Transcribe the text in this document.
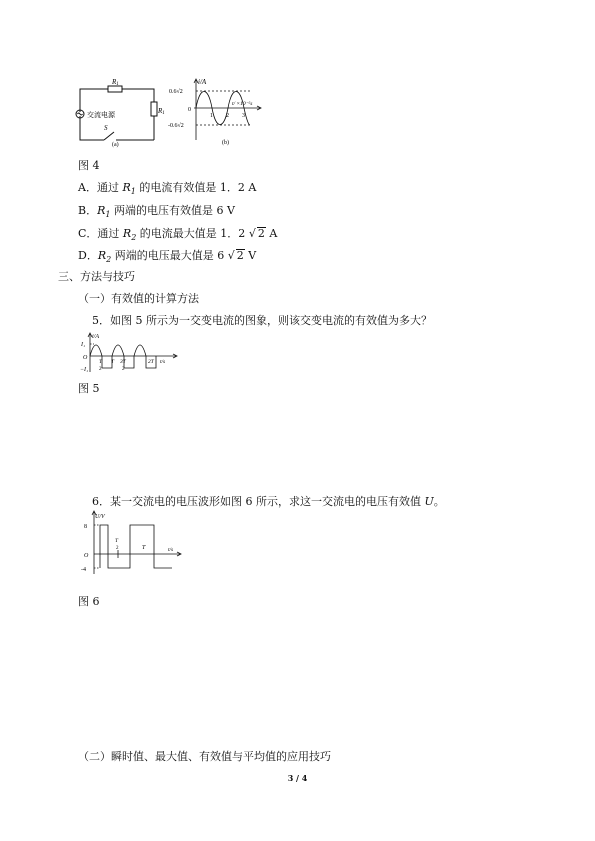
交流电源
R1
R1
S
(a)
i/A
0.6√2
0
-0.6√2
1 2 3
t/ ×10⁻²s
(b)
图 4
A．通过 $R_1$ 的电流有效值是 1．2 A
B．$R_1$ 两端的电压有效值是 6 V
C．通过 $R_2$ 的电流最大值是 1．2 √ 2 A
D．$R_2$ 两端的电压最大值是 6 √ 2 V
三、方法与技巧
（一）有效值的计算方法
5．如图 5 所示为一交变电流的图象，则该交变电流的有效值为多大？
i/A
I₁
O
−I₁
T
2
T 3T
2
2T t/s
图 5
6．某一交流电的电压波形如图 6 所示，求这一交流电的电压有效值 U。
U/V
8
O
-4
T
2	T	t/s
图 6
（二）瞬时值、最大值、有效值与平均值的应用技巧
3 / 4
